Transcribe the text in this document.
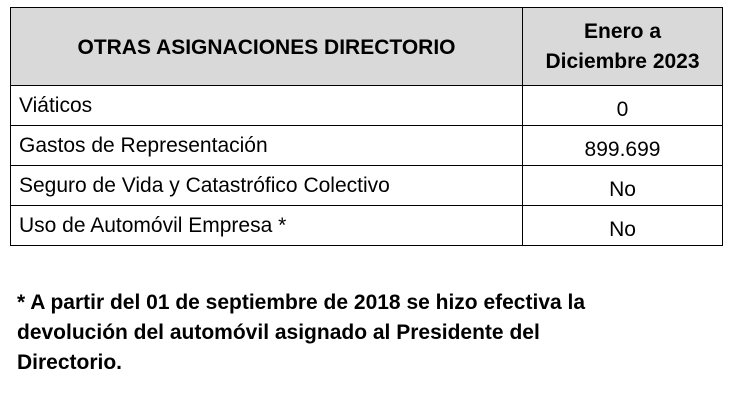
OTRAS ASIGNACIONES DIRECTORIO	Enero a
Diciembre 2023
Viáticos	0
Gastos de Representación	899.699
Seguro de Vida y Catastrófico Colectivo	No
Uso de Automóvil Empresa *	No
* A partir del 01 de septiembre de 2018 se hizo efectiva la
devolución del automóvil asignado al Presidente del
Directorio.
